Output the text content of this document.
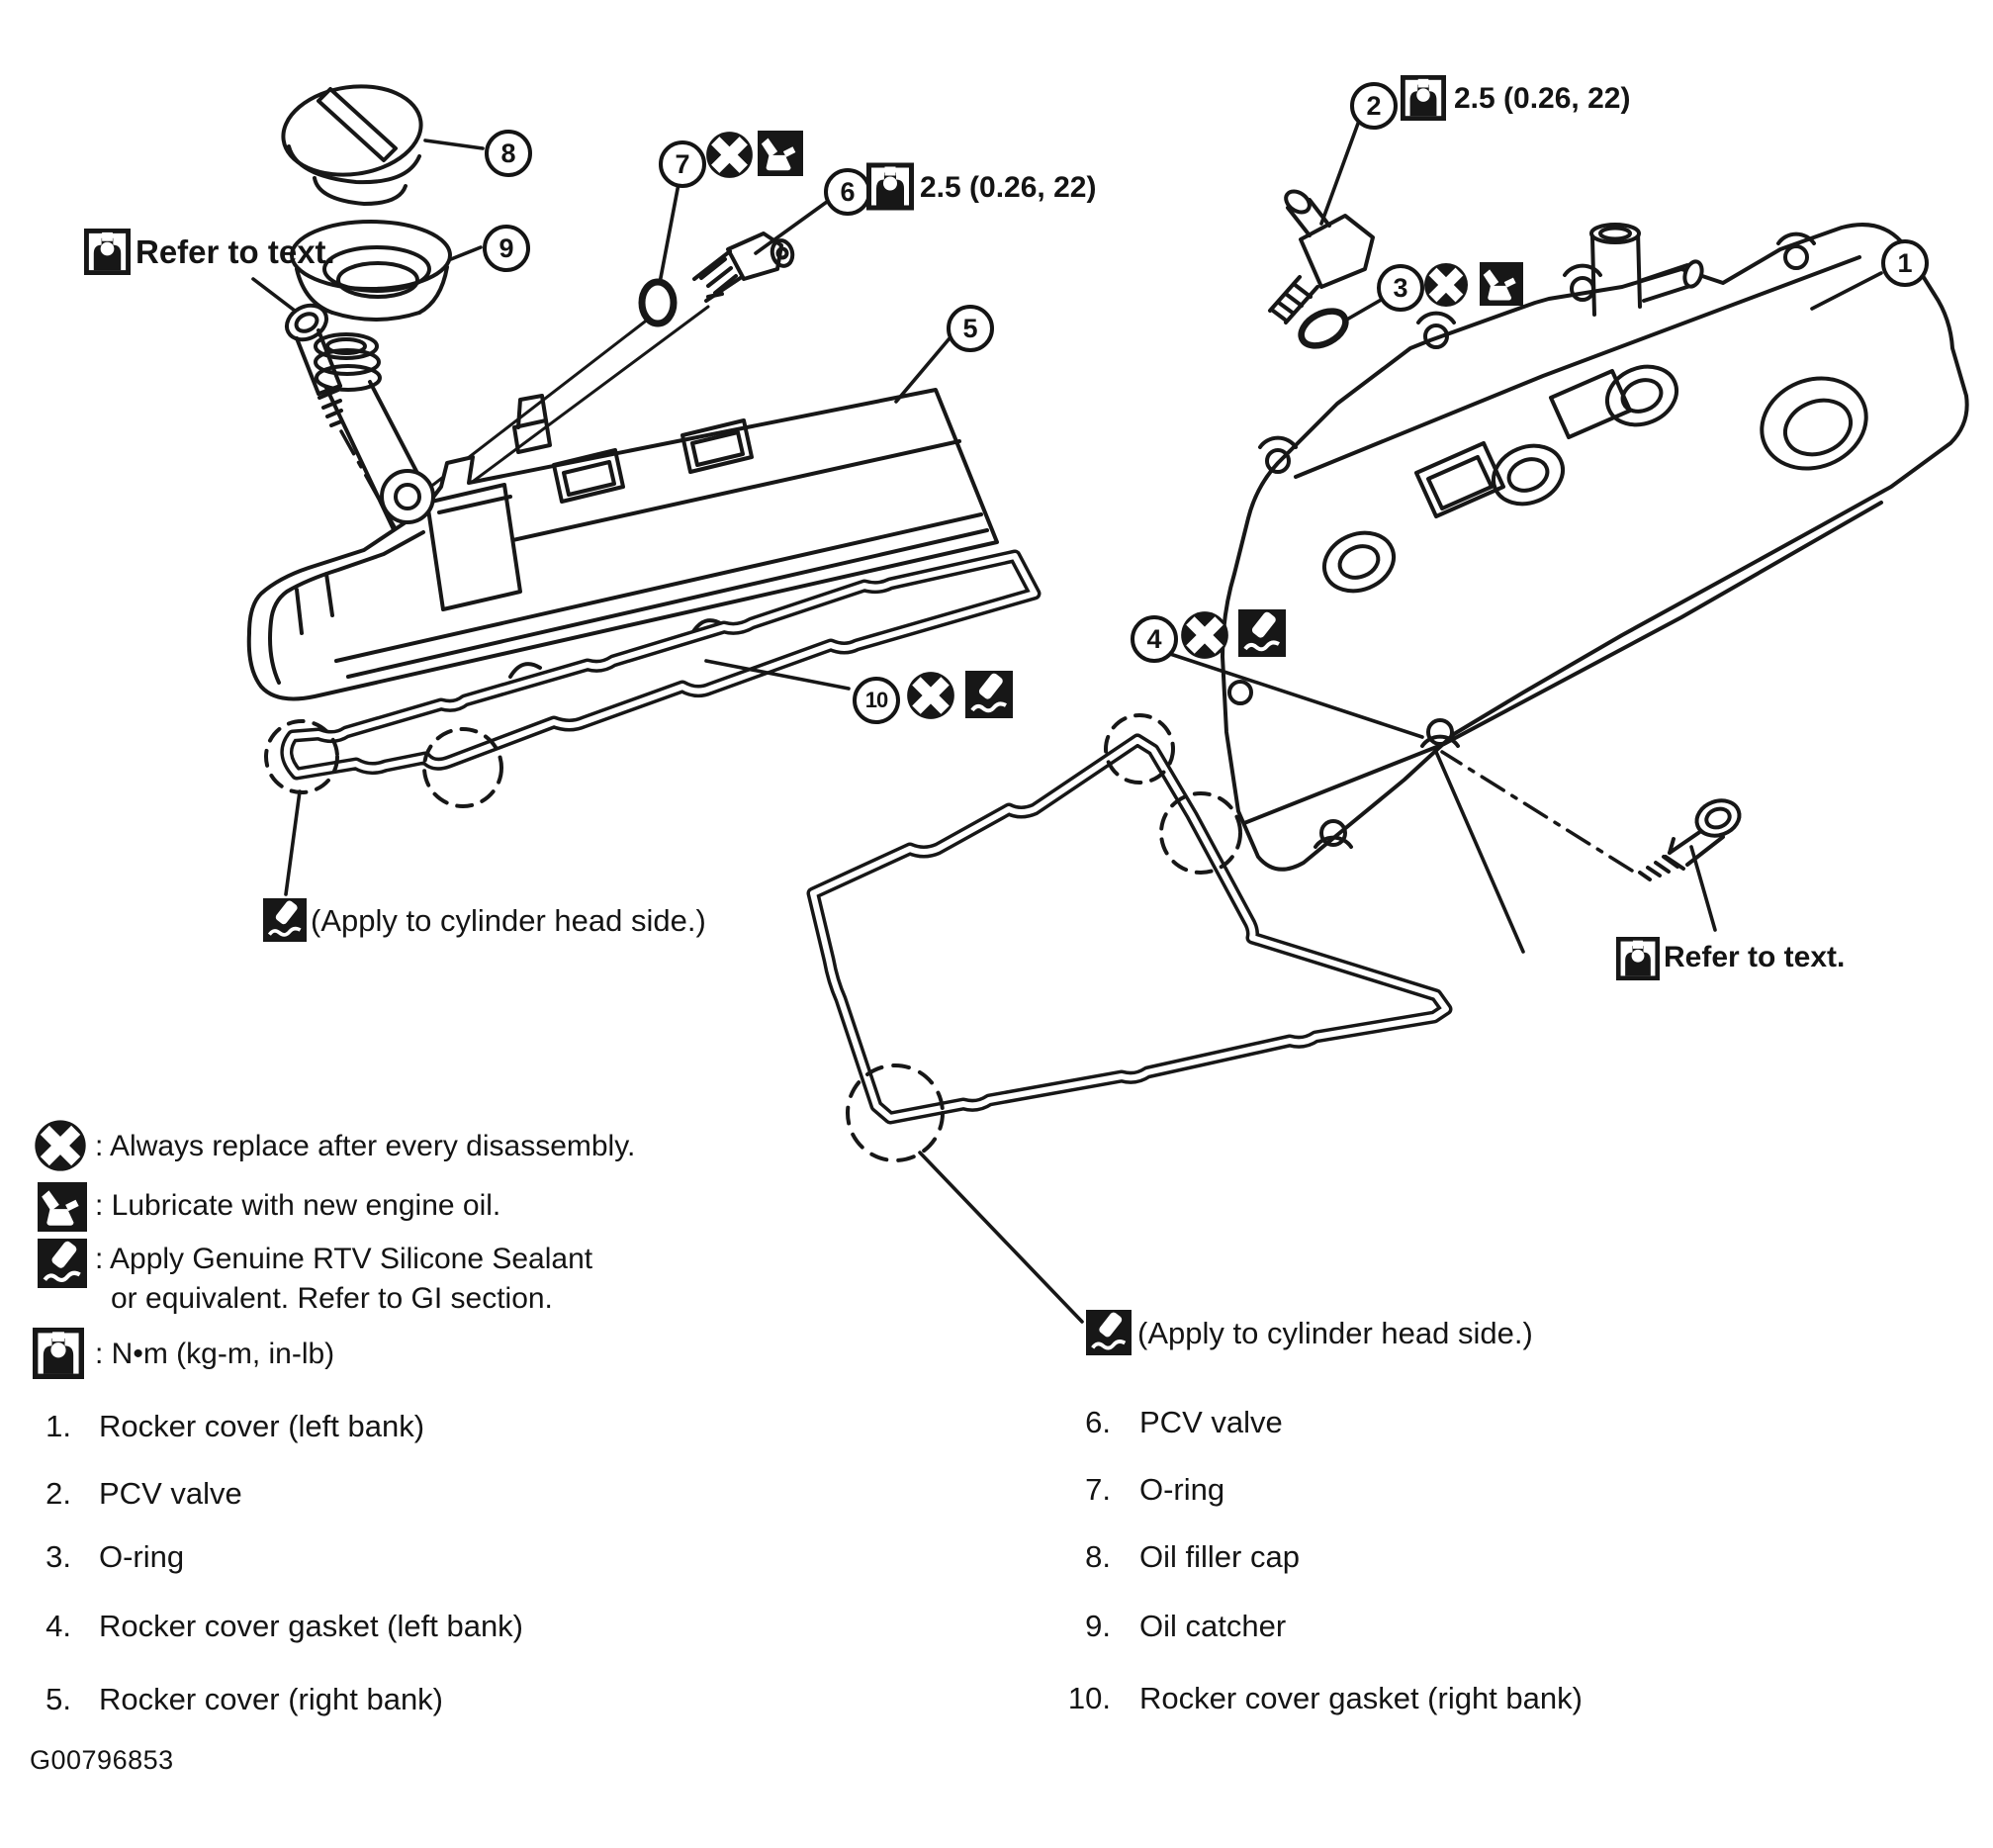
8
9
7
6
5
10
2
3
1
4
Refer to text.
Refer to text.
2.5 (0.26, 22)
2.5 (0.26, 22)
(Apply to cylinder head side.)
(Apply to cylinder head side.)
: Always replace after every disassembly.
: Lubricate with new engine oil.
: Apply Genuine RTV Silicone Sealant
or equivalent. Refer to GI section.
: N•m (kg-m, in-lb)
1. Rocker cover (left bank)
2. PCV valve
3. O-ring
4. Rocker cover gasket (left bank)
5. Rocker cover (right bank)
6. PCV valve
7. O-ring
8. Oil filler cap
9. Oil catcher
10. Rocker cover gasket (right bank)
G00796853
